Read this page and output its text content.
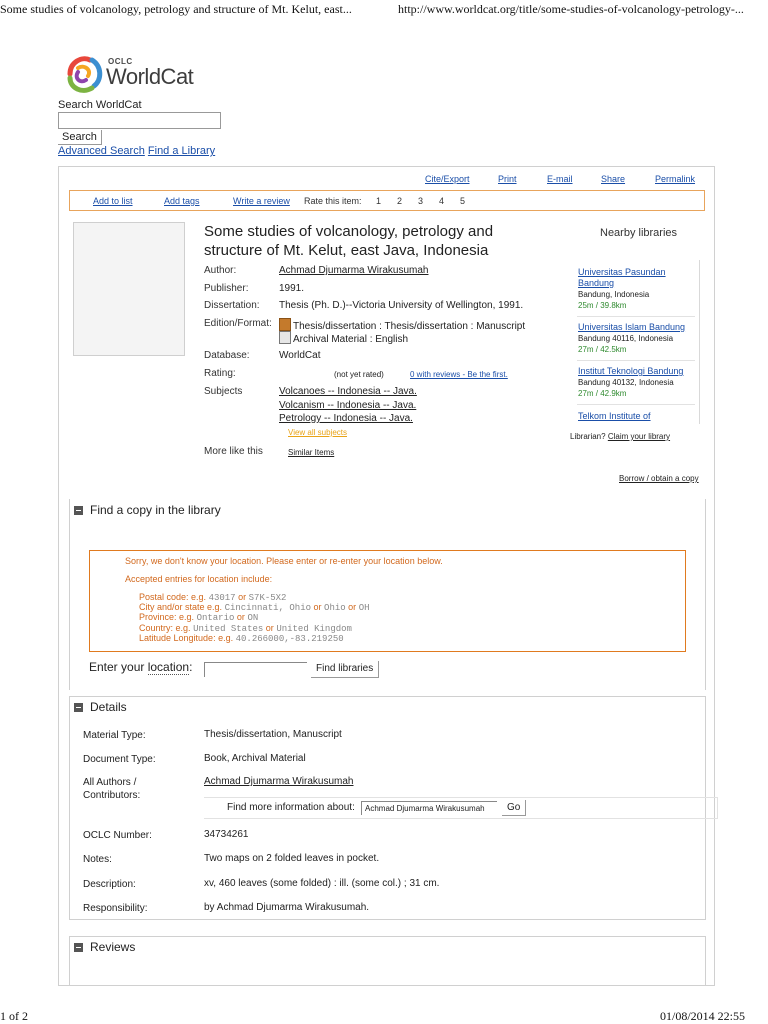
Some studies of volcanology, petrology and structure of Mt. Kelut, east...	http://www.worldcat.org/title/some-studies-of-volcanology-petrology-...
1 of 2	01/08/2014 22:55
OCLC
WorldCat
Search WorldCat
Search
Advanced Search Find a Library
Cite/Export	Print	E-mail	Share	Permalink
Add to list	Add tags	Write a review Rate this item: 1 2 3 4 5
Some studies of volcanology, petrology and
structure of Mt. Kelut, east Java, Indonesia
Author:	Achmad Djumarma Wirakusumah
Publisher:	1991.
Dissertation: Thesis (Ph. D.)--Victoria University of Wellington, 1991.
Edition/Format:	Thesis/dissertation : Thesis/dissertation : Manuscript
Archival Material : English
Database:	WorldCat
Rating:	(not yet rated)	0 with reviews - Be the first.
Subjects	Volcanoes -- Indonesia -- Java.
Volcanism -- Indonesia -- Java.
Petrology -- Indonesia -- Java.
View all subjects
More like this	Similar Items
Nearby libraries
Universitas Pasundan
Bandung
Bandung, Indonesia
25m / 39.8km
Universitas Islam Bandung
Bandung 40116, Indonesia
27m / 42.5km
Institut Teknologi Bandung
Bandung 40132, Indonesia
27m / 42.9km
Telkom Institute of
Librarian? Claim your library
Borrow / obtain a copy
Find a copy in the library
Sorry, we don't know your location. Please enter or re-enter your location below.
Accepted entries for location include:
Postal code: e.g. 43017 or S7K-5X2
City and/or state e.g. Cincinnati, Ohio or Ohio or OH
Province: e.g. Ontario or ON
Country: e.g. United States or United Kingdom
Latitude Longitude: e.g. 40.266000,-83.219250
Enter your location:	Find libraries
Details
Material Type:	Thesis/dissertation, Manuscript
Document Type:	Book, Archival Material
All Authors /
Contributors:
Achmad Djumarma Wirakusumah
Find more information about:	Achmad Djumarma Wirakusumah	Go
OCLC Number:	34734261
Notes:	Two maps on 2 folded leaves in pocket.
Description:	xv, 460 leaves (some folded) : ill. (some col.) ; 31 cm.
Responsibility:	by Achmad Djumarma Wirakusumah.
Reviews
